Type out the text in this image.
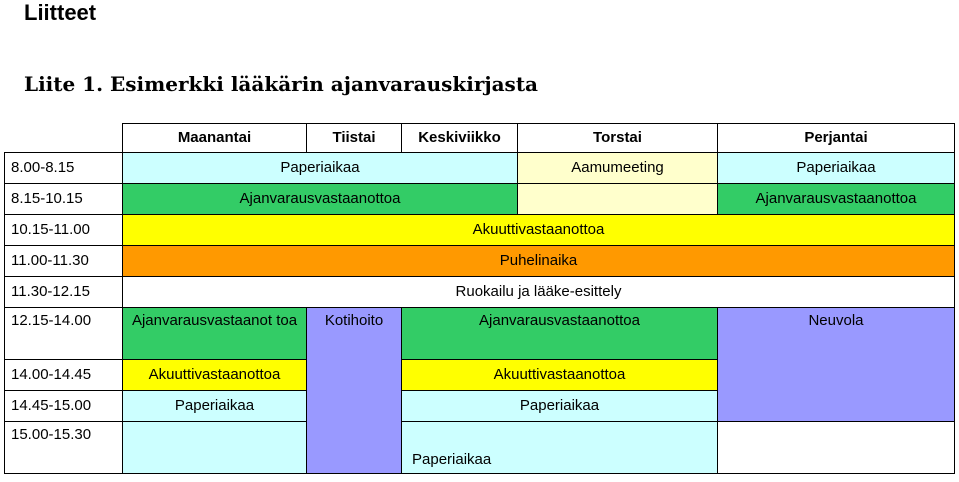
Liitteet
Liite 1. Esimerkki lääkärin ajanvarauskirjasta
	Maanantai	Tiistai	Keskiviikko	Torstai	Perjantai
8.00-8.15	Paperiaikaa			Aamumeeting	Paperiaikaa
8.15-10.15	Ajanvarausvastaanottoa				Ajanvarausvastaanottoa
10.15-11.00	Akuuttivastaanottoa				
11.00-11.30	Puhelinaika				
11.30-12.15	Ruokailu ja lääke-esittely				
12.15-14.00	Ajanvarausvastaanot toa	Kotihoito	Ajanvarausvastaanottoa		Neuvola
14.00-14.45	Akuuttivastaanottoa		Akuuttivastaanottoa		
14.45-15.00	Paperiaikaa		Paperiaikaa		
15.00-15.30			Paperiaikaa		
